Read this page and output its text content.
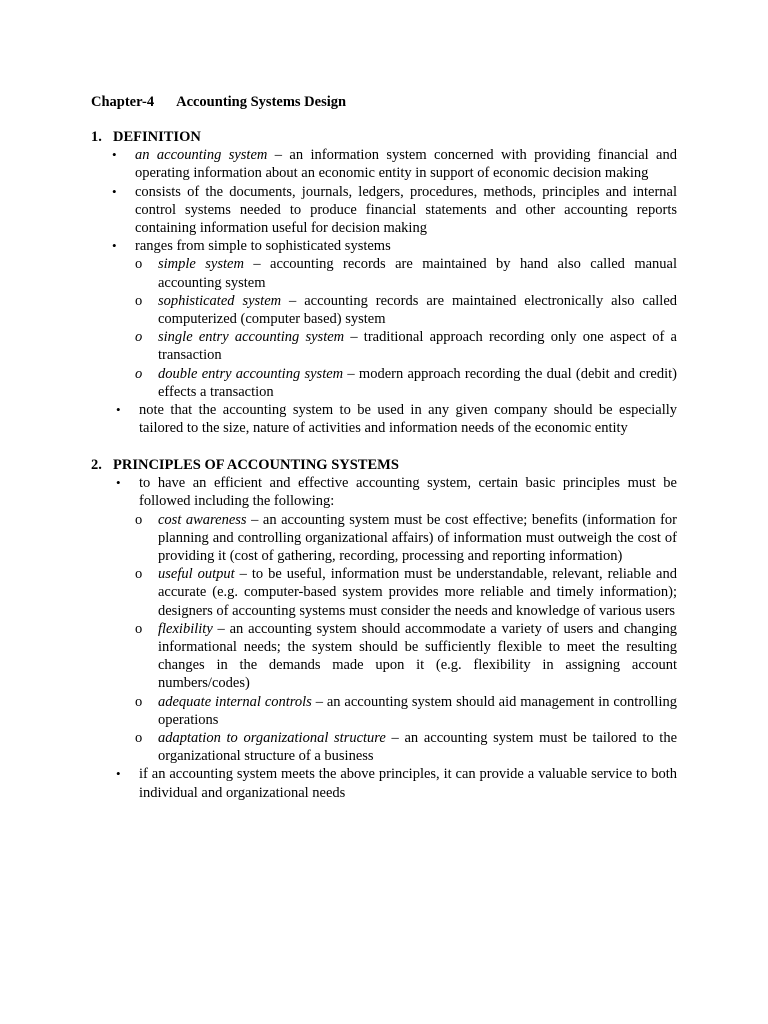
Chapter-4 Accounting Systems Design
1. DEFINITION
• an accounting system – an information system concerned with providing financial and operating information about an economic entity in support of economic decision making
• consists of the documents, journals, ledgers, procedures, methods, principles and internal control systems needed to produce financial statements and other accounting reports containing information useful for decision making
• ranges from simple to sophisticated systems
o simple system – accounting records are maintained by hand also called manual accounting system
o sophisticated system – accounting records are maintained electronically also called computerized (computer based) system
o single entry accounting system – traditional approach recording only one aspect of a transaction
o double entry accounting system – modern approach recording the dual (debit and credit) effects a transaction
• note that the accounting system to be used in any given company should be especially tailored to the size, nature of activities and information needs of the economic entity
2. PRINCIPLES OF ACCOUNTING SYSTEMS
• to have an efficient and effective accounting system, certain basic principles must be followed including the following:
o cost awareness – an accounting system must be cost effective; benefits (information for planning and controlling organizational affairs) of information must outweigh the cost of providing it (cost of gathering, recording, processing and reporting information)
o useful output – to be useful, information must be understandable, relevant, reliable and accurate (e.g. computer-based system provides more reliable and timely information); designers of accounting systems must consider the needs and knowledge of various users
o flexibility – an accounting system should accommodate a variety of users and changing informational needs; the system should be sufficiently flexible to meet the resulting changes in the demands made upon it (e.g. flexibility in assigning account numbers/codes)
o adequate internal controls – an accounting system should aid management in controlling operations
o adaptation to organizational structure – an accounting system must be tailored to the organizational structure of a business
• if an accounting system meets the above principles, it can provide a valuable service to both individual and organizational needs
